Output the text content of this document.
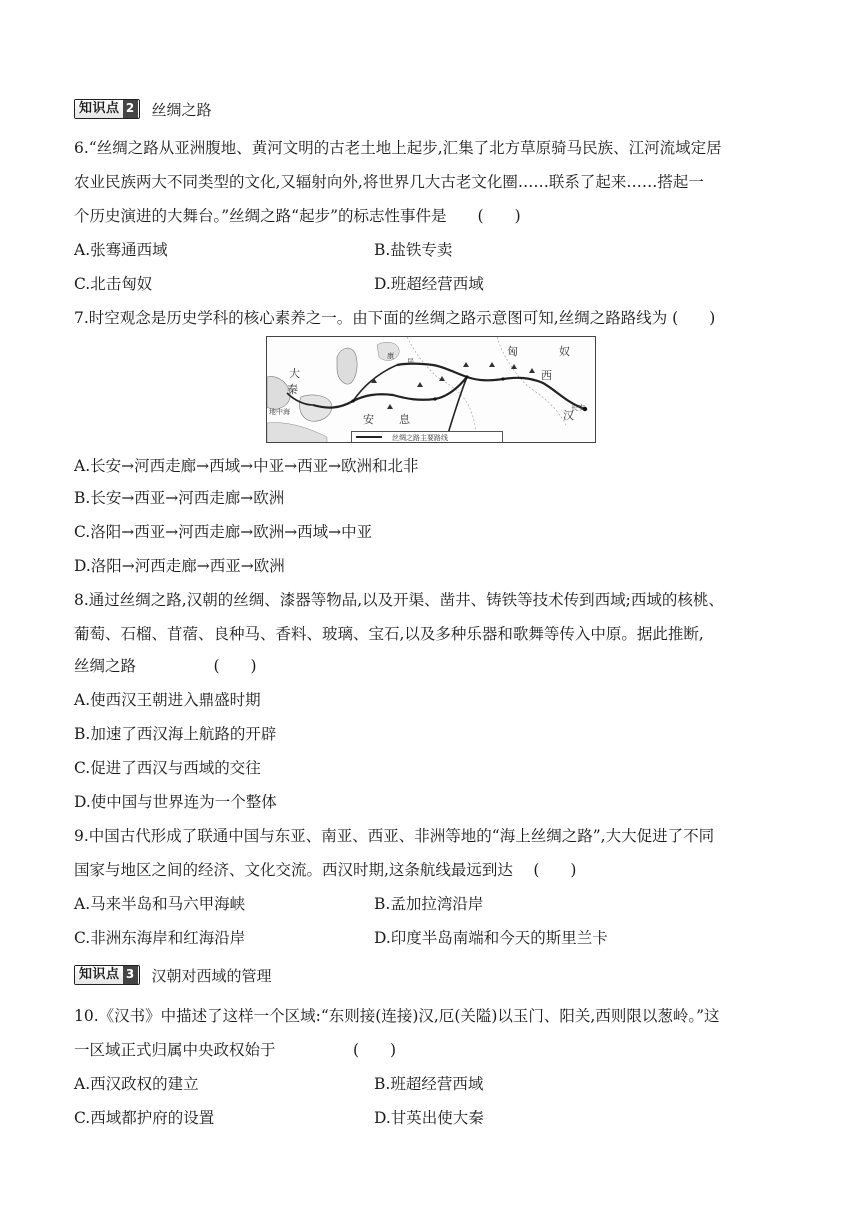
知识点 2 丝绸之路
6.“丝绸之路从亚洲腹地、黄河文明的古老土地上起步,汇集了北方草原骑马民族、江河流域定居
农业民族两大不同类型的文化,又辐射向外,将世界几大古老文化圈……联系了起来……搭起一
个历史演进的大舞台。”丝绸之路“起步”的标志性事件是　　(　　)
A.张骞通西域	B.盐铁专卖
C.北击匈奴	D.班超经营西域
7.时空观念是历史学科的核心素养之一。由下面的丝绸之路示意图可知,丝绸之路路线为 (　　)
匈	奴
西
汉
长安
大
秦
安 息
康
居
地中海
丝绸之路主要路线
A.长安→河西走廊→西域→中亚→西亚→欧洲和北非
B.长安→西亚→河西走廊→欧洲
C.洛阳→西亚→河西走廊→欧洲→西域→中亚
D.洛阳→河西走廊→西亚→欧洲
8.通过丝绸之路,汉朝的丝绸、漆器等物品,以及开渠、凿井、铸铁等技术传到西域;西域的核桃、
葡萄、石榴、苜蓿、良种马、香料、玻璃、宝石,以及多种乐器和歌舞等传入中原。据此推断,
丝绸之路　　　　　(　　)
A.使西汉王朝进入鼎盛时期
B.加速了西汉海上航路的开辟
C.促进了西汉与西域的交往
D.使中国与世界连为一个整体
9.中国古代形成了联通中国与东亚、南亚、西亚、非洲等地的“海上丝绸之路”,大大促进了不同
国家与地区之间的经济、文化交流。西汉时期,这条航线最远到达　 (　　)
A.马来半岛和马六甲海峡	B.孟加拉湾沿岸
C.非洲东海岸和红海沿岸	D.印度半岛南端和今天的斯里兰卡
知识点 3 汉朝对西域的管理
10.《汉书》中描述了这样一个区域:“东则接(连接)汉,厄(关隘)以玉门、阳关,西则限以葱岭。”这
一区域正式归属中央政权始于　　　　　(　　)
A.西汉政权的建立	B.班超经营西域
C.西域都护府的设置	D.甘英出使大秦
